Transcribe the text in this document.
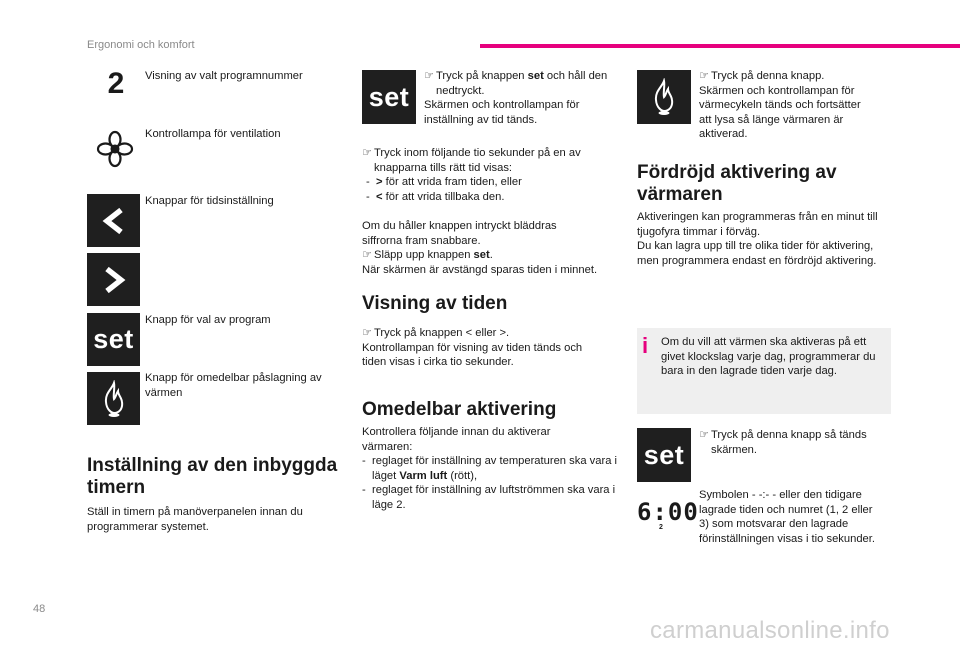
Ergonomi och komfort
2	Visning av valt programnummer
Kontrollampa för ventilation
Knappar för tidsinställning
set
Knapp för val av program
Knapp för omedelbar påslagning av värmen
Inställning av den inbyggda timern
Ställ in timern på manöverpanelen innan du programmerar systemet.
set
☞ Tryck på knappen set och håll den nedtryckt.
Skärmen och kontrollampan för inställning av tid tänds.
☞ Tryck inom följande tio sekunder på en av knapparna tills rätt tid visas:
- > för att vrida fram tiden, eller
- < för att vrida tillbaka den.
Om du håller knappen intryckt bläddras siffrorna fram snabbare.
☞ Släpp upp knappen set.
När skärmen är avstängd sparas tiden i minnet.
Visning av tiden
☞ Tryck på knappen < eller >.
Kontrollampan för visning av tiden tänds och tiden visas i cirka tio sekunder.
Omedelbar aktivering
Kontrollera följande innan du aktiverar värmaren:
- reglaget för inställning av temperaturen ska vara i läget Varm luft (rött),
- reglaget för inställning av luftströmmen ska vara i läge 2.
☞ Tryck på denna knapp.
Skärmen och kontrollampan för värmecykeln tänds och fortsätter att lysa så länge värmaren är aktiverad.
Fördröjd aktivering av värmaren
Aktiveringen kan programmeras från en minut till tjugofyra timmar i förväg.
Du kan lagra upp till tre olika tider för aktivering, men programmera endast en fördröjd aktivering.
i Om du vill att värmen ska aktiveras på ett givet klockslag varje dag, programmerar du bara in den lagrade tiden varje dag.
set
☞ Tryck på denna knapp så tänds skärmen.
6:00
2
Symbolen - -:- - eller den tidigare lagrade tiden och numret (1, 2 eller 3) som motsvarar den lagrade förinställningen visas i tio sekunder.
48
carmanualsonline.info
